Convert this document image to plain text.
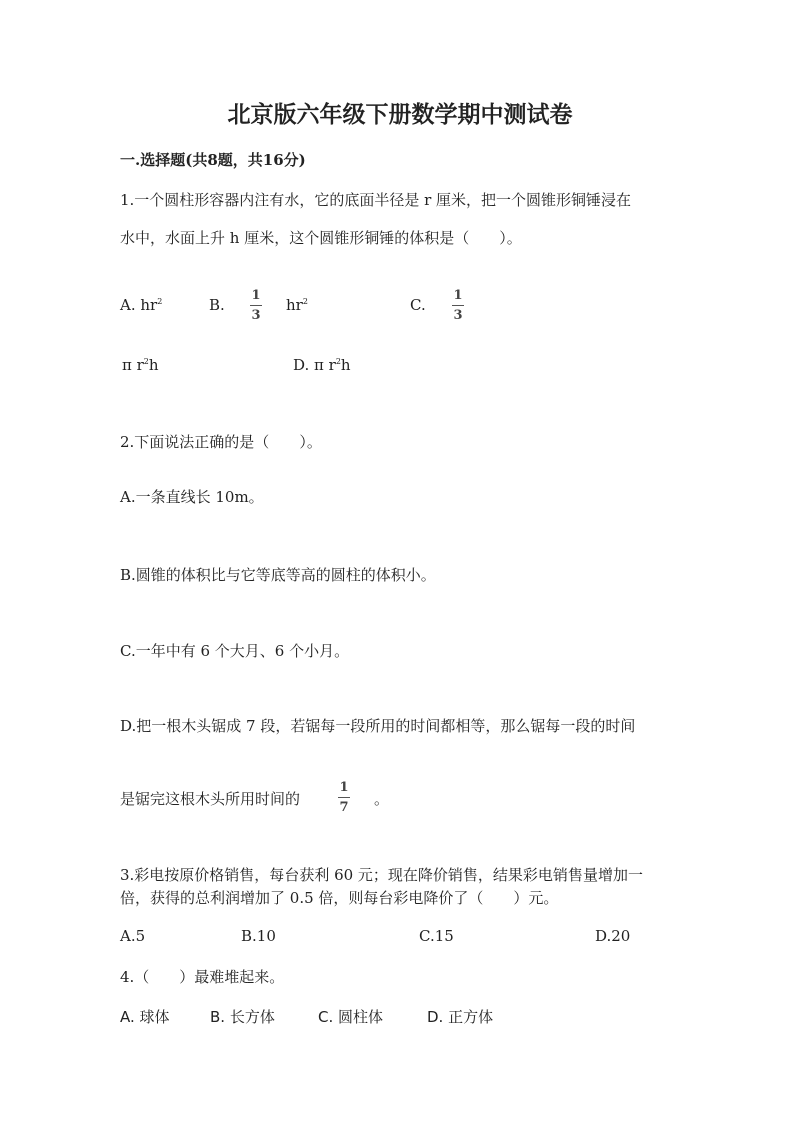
北京版六年级下册数学期中测试卷
一.选择题(共8题，共16分)
1.一个圆柱形容器内注有水，它的底面半径是 r 厘米，把一个圆锥形铜锤浸在
水中，水面上升 h 厘米，这个圆锥形铜锤的体积是（　　）。
A. $hr^2$	B.
1
3
$hr^2$	C.
1
3
π $r^2h$	D. π $r^2h$
2.下面说法正确的是（　　）。
A.一条直线长 10m。
B.圆锥的体积比与它等底等高的圆柱的体积小。
C.一年中有 6 个大月、6 个小月。
D.把一根木头锯成 7 段，若锯每一段所用的时间都相等，那么锯每一段的时间
是锯完这根木头所用时间的
1
7 。
3.彩电按原价格销售，每台获利 60 元；现在降价销售，结果彩电销售量增加一
倍，获得的总利润增加了 0.5 倍，则每台彩电降价了（　　）元。
A.5	B.10	C.15	D.20
4.（　　）最难堆起来。
A. 球体	B. 长方体	C. 圆柱体	D. 正方体
